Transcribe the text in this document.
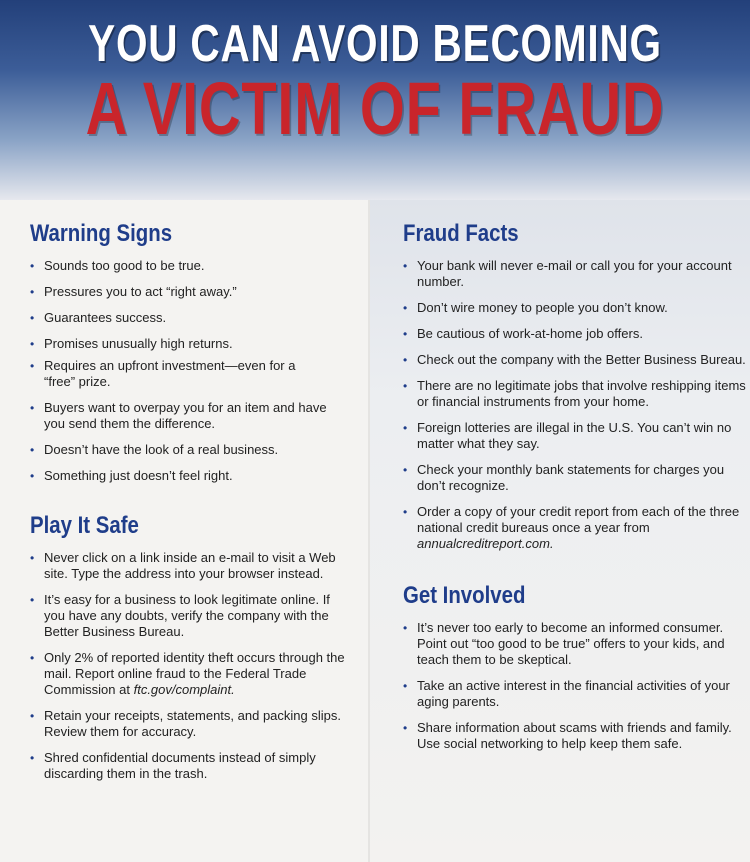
YOU CAN AVOID BECOMING
A VICTIM OF FRAUD
Warning Signs
• Sounds too good to be true.
• Pressures you to act “right away.”
• Guarantees success.
• Promises unusually high returns.
• Requires an upfront investment—even for a “free” prize.
• Buyers want to overpay you for an item and have you send them the difference.
• Doesn’t have the look of a real business.
• Something just doesn’t feel right.
Play It Safe
• Never click on a link inside an e-mail to visit a Web site. Type the address into your browser instead.
• It’s easy for a business to look legitimate online. If you have any doubts, verify the company with the Better Business Bureau.
• Only 2% of reported identity theft occurs through the mail. Report online fraud to the Federal Trade Commission at ftc.gov/complaint.
• Retain your receipts, statements, and packing slips. Review them for accuracy.
• Shred confidential documents instead of simply discarding them in the trash.
Fraud Facts
• Your bank will never e-mail or call you for your account number.
• Don’t wire money to people you don’t know.
• Be cautious of work-at-home job offers.
• Check out the company with the Better Business Bureau.
• There are no legitimate jobs that involve reshipping items or financial instruments from your home.
• Foreign lotteries are illegal in the U.S. You can’t win no matter what they say.
• Check your monthly bank statements for charges you don’t recognize.
• Order a copy of your credit report from each of the three national credit bureaus once a year from annualcreditreport.com.
Get Involved
• It’s never too early to become an informed consumer. Point out “too good to be true” offers to your kids, and teach them to be skeptical.
• Take an active interest in the financial activities of your aging parents.
• Share information about scams with friends and family. Use social networking to help keep them safe.
